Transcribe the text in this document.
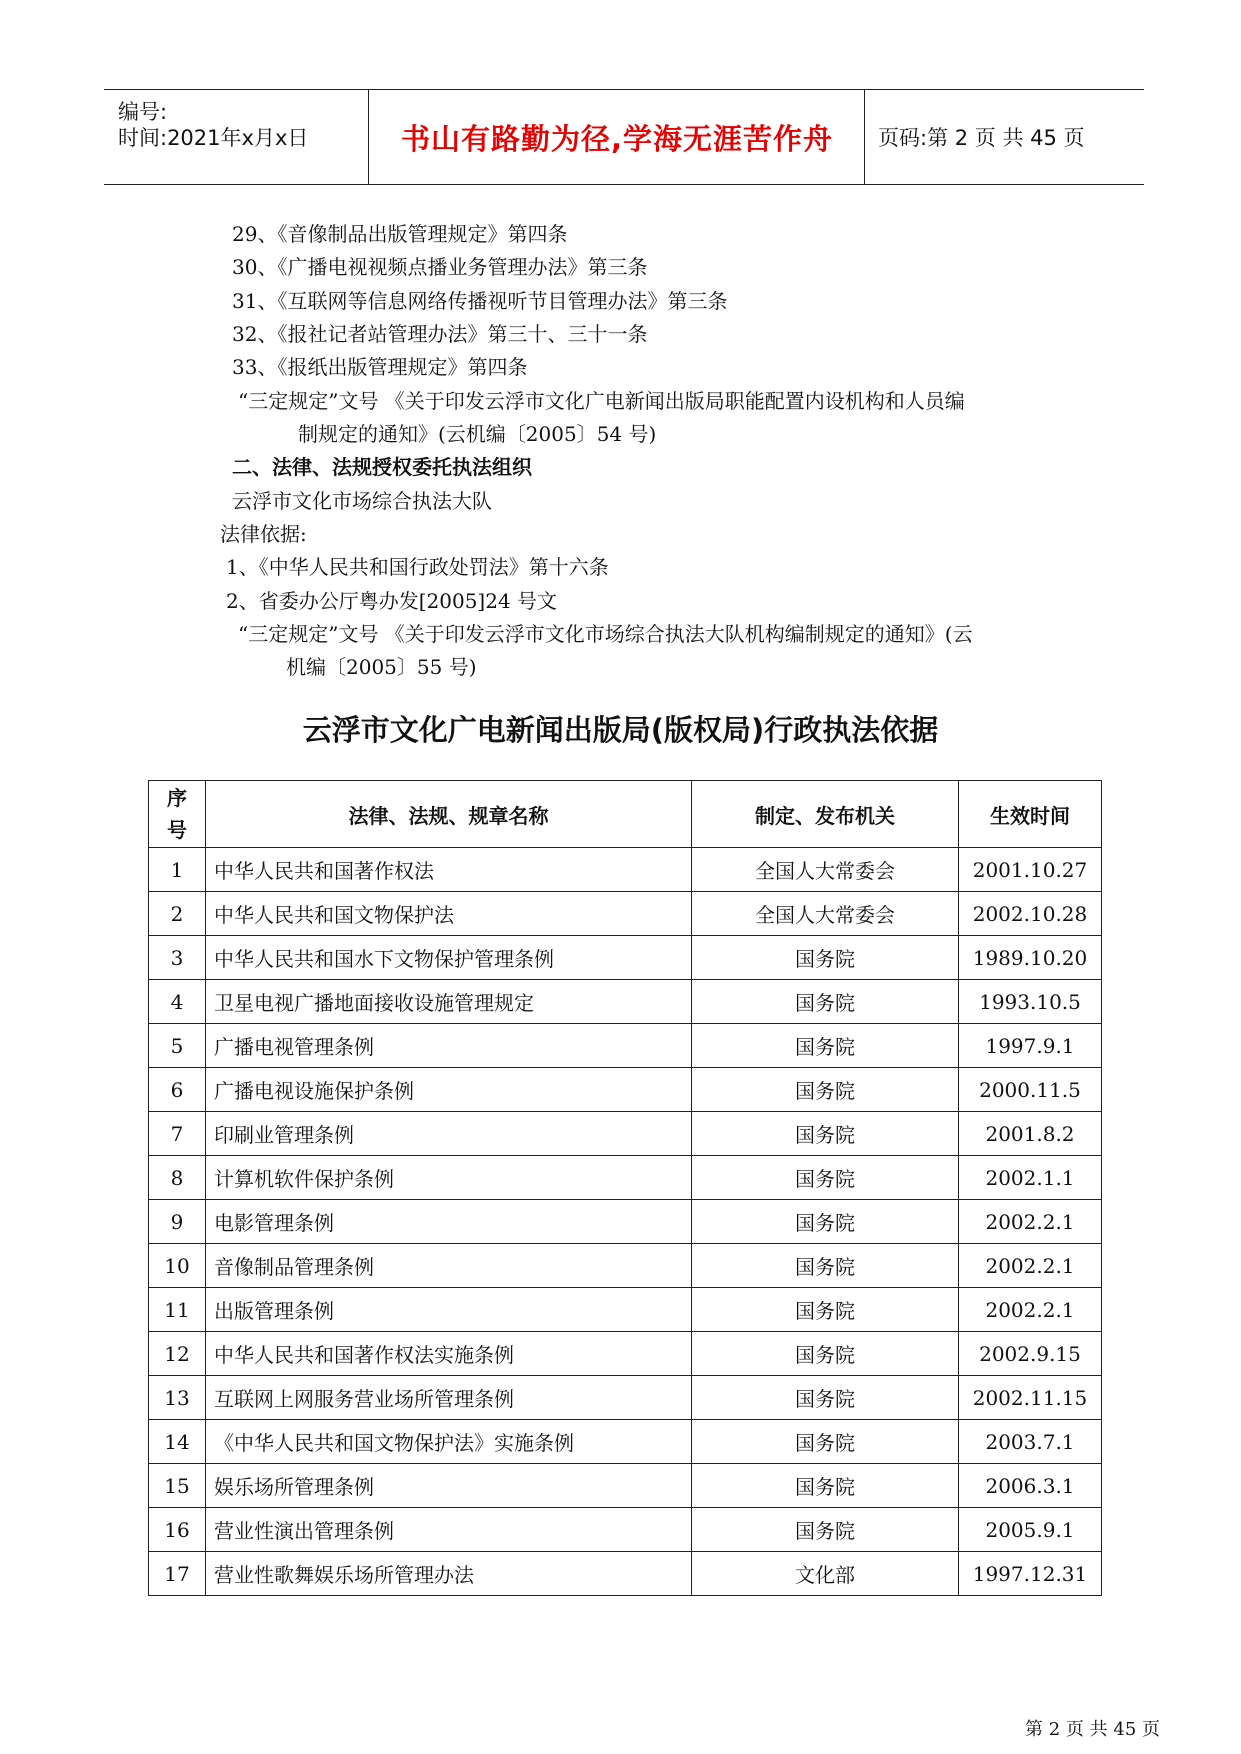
编号:
时间:2021年x月x日	书山有路勤为径,学海无涯苦作舟 页码:第 2 页 共 45 页
29、《音像制品出版管理规定》第四条
30、《广播电视视频点播业务管理办法》第三条
31、《互联网等信息网络传播视听节目管理办法》第三条
32、《报社记者站管理办法》第三十、三十一条
33、《报纸出版管理规定》第四条
“三定规定”文号 《关于印发云浮市文化广电新闻出版局职能配置内设机构和人员编
制规定的通知》(云机编〔2005〕54 号)
二、法律、法规授权委托执法组织
云浮市文化市场综合执法大队
法律依据:
1、《中华人民共和国行政处罚法》第十六条
2、省委办公厅粤办发[2005]24 号文
“三定规定”文号 《关于印发云浮市文化市场综合执法大队机构编制规定的通知》(云
机编〔2005〕55 号)
云浮市文化广电新闻出版局(版权局)行政执法依据
序号	法律、法规、规章名称	制定、发布机关	生效时间
1	中华人民共和国著作权法	全国人大常委会	2001.10.27
2	中华人民共和国文物保护法	全国人大常委会	2002.10.28
3	中华人民共和国水下文物保护管理条例	国务院	1989.10.20
4	卫星电视广播地面接收设施管理规定	国务院	1993.10.5
5	广播电视管理条例	国务院	1997.9.1
6	广播电视设施保护条例	国务院	2000.11.5
7	印刷业管理条例	国务院	2001.8.2
8	计算机软件保护条例	国务院	2002.1.1
9	电影管理条例	国务院	2002.2.1
10	音像制品管理条例	国务院	2002.2.1
11	出版管理条例	国务院	2002.2.1
12	中华人民共和国著作权法实施条例	国务院	2002.9.15
13	互联网上网服务营业场所管理条例	国务院	2002.11.15
14	《中华人民共和国文物保护法》实施条例	国务院	2003.7.1
15	娱乐场所管理条例	国务院	2006.3.1
16	营业性演出管理条例	国务院	2005.9.1
17	营业性歌舞娱乐场所管理办法	文化部	1997.12.31
第 2 页 共 45 页
